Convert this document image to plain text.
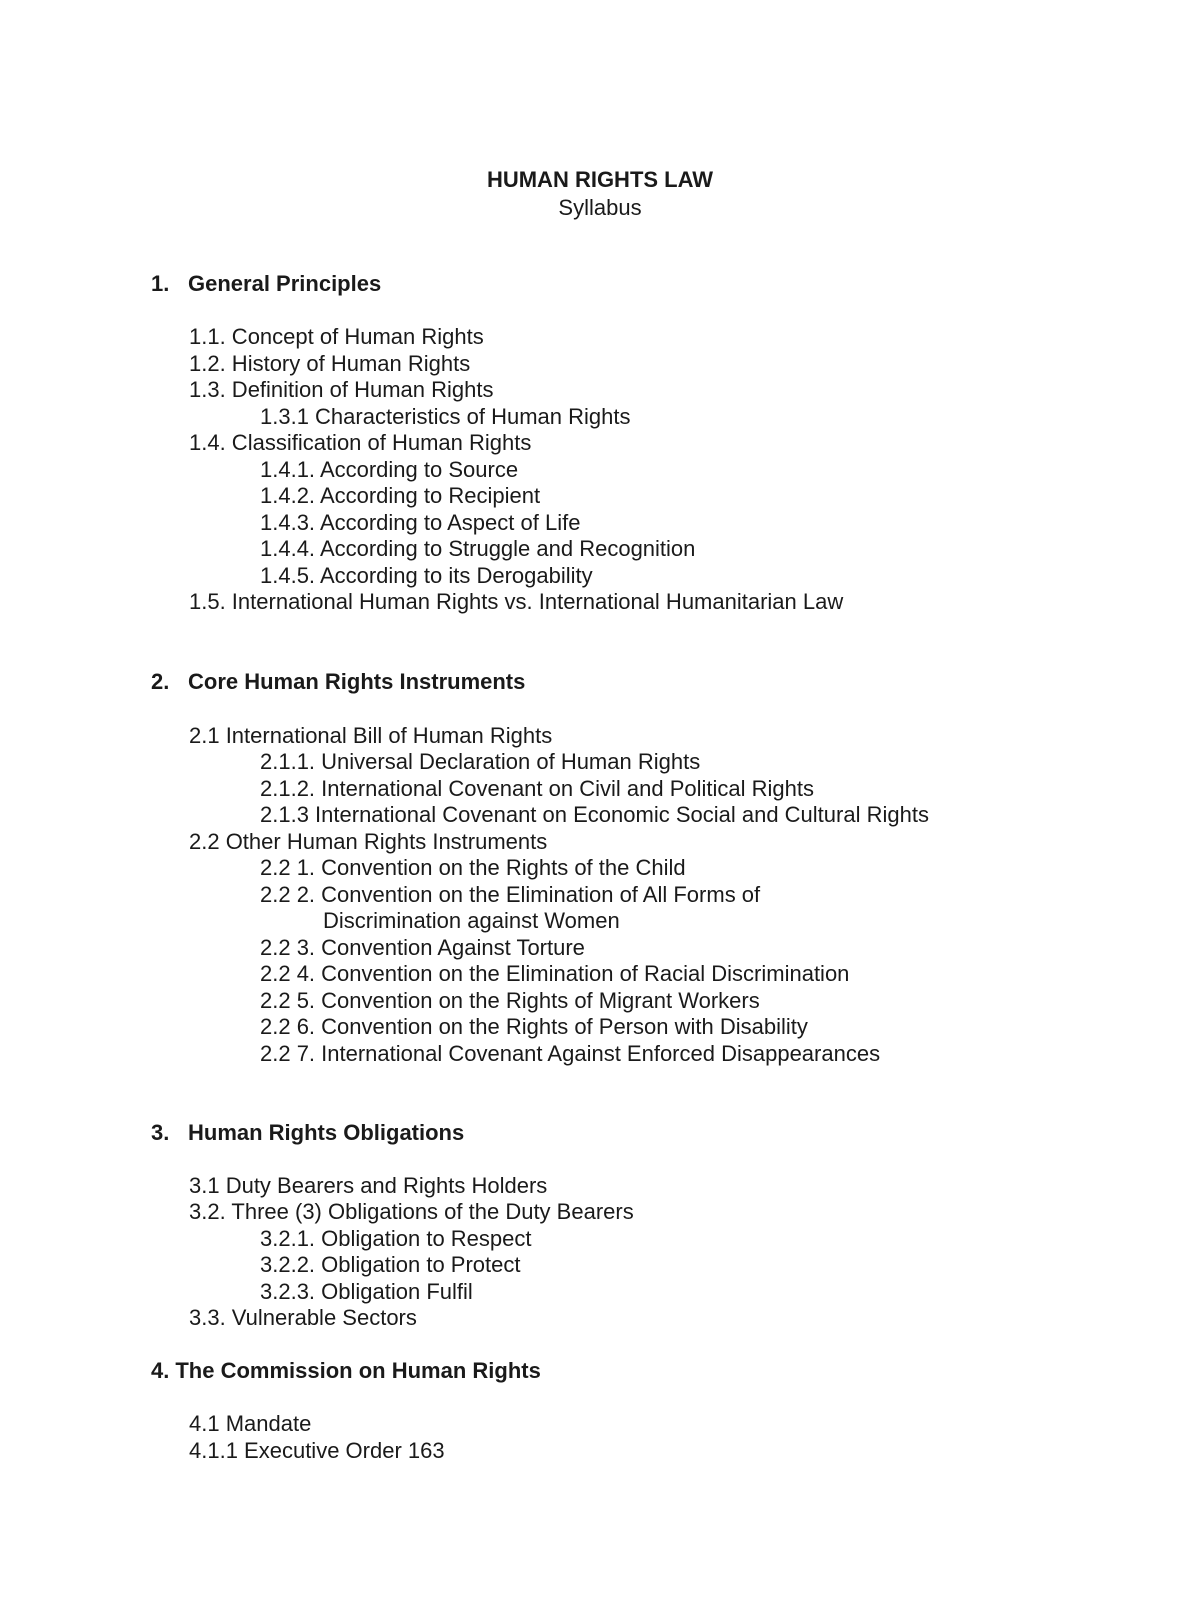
HUMAN RIGHTS LAW
Syllabus
1. General Principles
1.1. Concept of Human Rights
1.2. History of Human Rights
1.3. Definition of Human Rights
1.3.1 Characteristics of Human Rights
1.4. Classification of Human Rights
1.4.1. According to Source
1.4.2. According to Recipient
1.4.3. According to Aspect of Life
1.4.4. According to Struggle and Recognition
1.4.5. According to its Derogability
1.5. International Human Rights vs. International Humanitarian Law
2. Core Human Rights Instruments
2.1 International Bill of Human Rights
2.1.1. Universal Declaration of Human Rights
2.1.2. International Covenant on Civil and Political Rights
2.1.3 International Covenant on Economic Social and Cultural Rights
2.2 Other Human Rights Instruments
2.2 1. Convention on the Rights of the Child
2.2 2. Convention on the Elimination of All Forms of
Discrimination against Women
2.2 3. Convention Against Torture
2.2 4. Convention on the Elimination of Racial Discrimination
2.2 5. Convention on the Rights of Migrant Workers
2.2 6. Convention on the Rights of Person with Disability
2.2 7. International Covenant Against Enforced Disappearances
3. Human Rights Obligations
3.1 Duty Bearers and Rights Holders
3.2. Three (3) Obligations of the Duty Bearers
3.2.1. Obligation to Respect
3.2.2. Obligation to Protect
3.2.3. Obligation Fulfil
3.3. Vulnerable Sectors
4. The Commission on Human Rights
4.1 Mandate
4.1.1 Executive Order 163
